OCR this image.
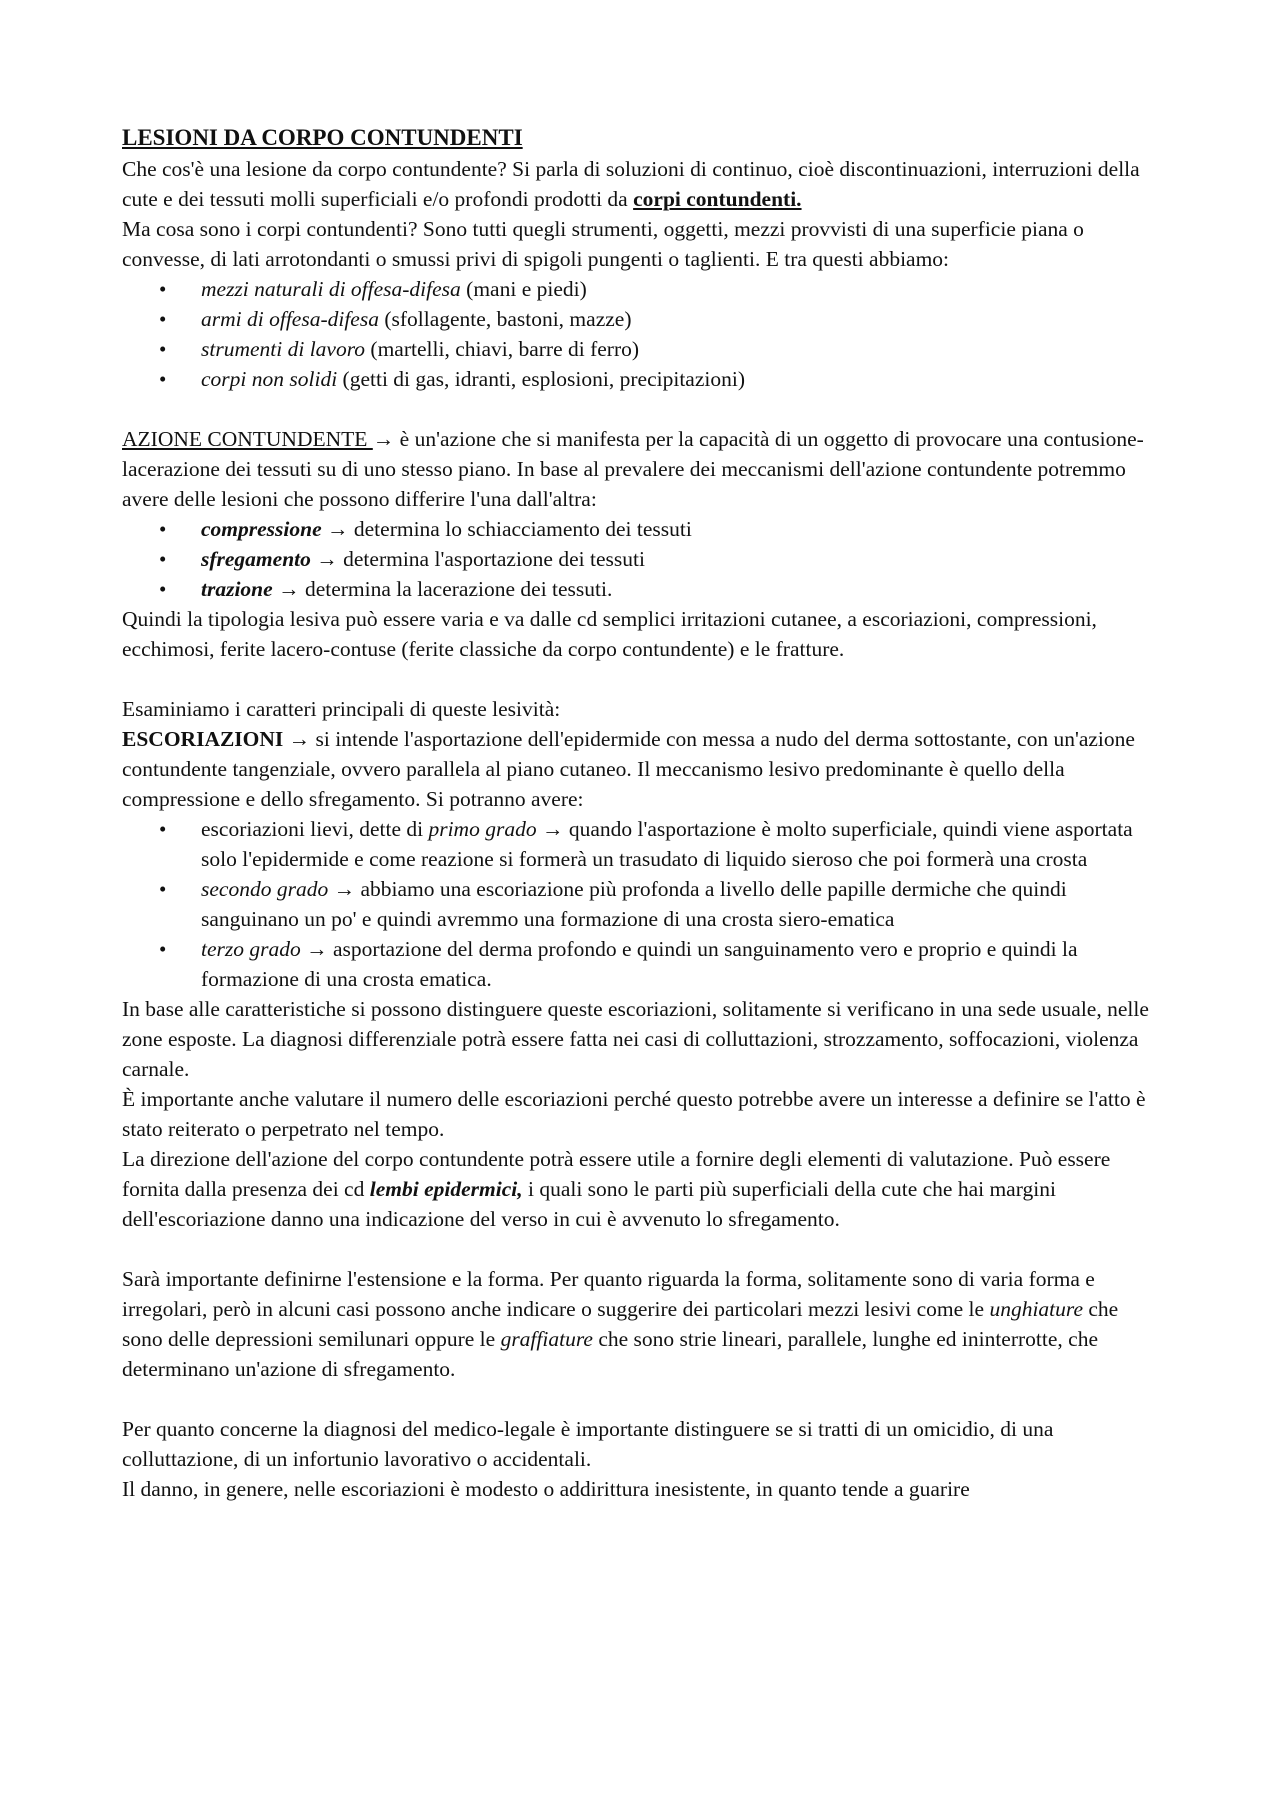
LESIONI DA CORPO CONTUNDENTI

Che cos'è una lesione da corpo contundente? Si parla di soluzioni di continuo, cioè discontinuazioni, interruzioni della cute e dei tessuti molli superficiali e/o profondi prodotti da corpi contundenti.

Ma cosa sono i corpi contundenti? Sono tutti quegli strumenti, oggetti, mezzi provvisti di una superficie piana o convesse, di lati arrotondanti o smussi privi di spigoli pungenti o taglienti. E tra questi abbiamo:

• mezzi naturali di offesa-difesa (mani e piedi)
• armi di offesa-difesa (sfollagente, bastoni, mazze)
• strumenti di lavoro (martelli, chiavi, barre di ferro)
• corpi non solidi (getti di gas, idranti, esplosioni, precipitazioni)

AZIONE CONTUNDENTE → è un'azione che si manifesta per la capacità di un oggetto di provocare una contusione-lacerazione dei tessuti su di uno stesso piano. In base al prevalere dei meccanismi dell'azione contundente potremmo avere delle lesioni che possono differire l'una dall'altra:

• compressione → determina lo schiacciamento dei tessuti
• sfregamento → determina l'asportazione dei tessuti
• trazione → determina la lacerazione dei tessuti.

Quindi la tipologia lesiva può essere varia e va dalle cd semplici irritazioni cutanee, a escoriazioni, compressioni, ecchimosi, ferite lacero-contuse (ferite classiche da corpo contundente) e le fratture.

Esaminiamo i caratteri principali di queste lesività:

ESCORIAZIONI → si intende l'asportazione dell'epidermide con messa a nudo del derma sottostante, con un'azione contundente tangenziale, ovvero parallela al piano cutaneo. Il meccanismo lesivo predominante è quello della compressione e dello sfregamento. Si potranno avere:

• escoriazioni lievi, dette di primo grado → quando l'asportazione è molto superficiale, quindi viene asportata solo l'epidermide e come reazione si formerà un trasudato di liquido sieroso che poi formerà una crosta
• secondo grado → abbiamo una escoriazione più profonda a livello delle papille dermiche che quindi sanguinano un po' e quindi avremmo una formazione di una crosta siero-ematica
• terzo grado → asportazione del derma profondo e quindi un sanguinamento vero e proprio e quindi la formazione di una crosta ematica.

In base alle caratteristiche si possono distinguere queste escoriazioni, solitamente si verificano in una sede usuale, nelle zone esposte. La diagnosi differenziale potrà essere fatta nei casi di colluttazioni, strozzamento, soffocazioni, violenza carnale.

È importante anche valutare il numero delle escoriazioni perché questo potrebbe avere un interesse a definire se l'atto è stato reiterato o perpetrato nel tempo.

La direzione dell'azione del corpo contundente potrà essere utile a fornire degli elementi di valutazione. Può essere fornita dalla presenza dei cd lembi epidermici, i quali sono le parti più superficiali della cute che hai margini dell'escoriazione danno una indicazione del verso in cui è avvenuto lo sfregamento.

Sarà importante definirne l'estensione e la forma. Per quanto riguarda la forma, solitamente sono di varia forma e irregolari, però in alcuni casi possono anche indicare o suggerire dei particolari mezzi lesivi come le unghiature che sono delle depressioni semilunari oppure le graffiature che sono strie lineari, parallele, lunghe ed ininterrotte, che determinano un'azione di sfregamento.

Per quanto concerne la diagnosi del medico-legale è importante distinguere se si tratti di un omicidio, di una colluttazione, di un infortunio lavorativo o accidentali.

Il danno, in genere, nelle escoriazioni è modesto o addirittura inesistente, in quanto tende a guarire
